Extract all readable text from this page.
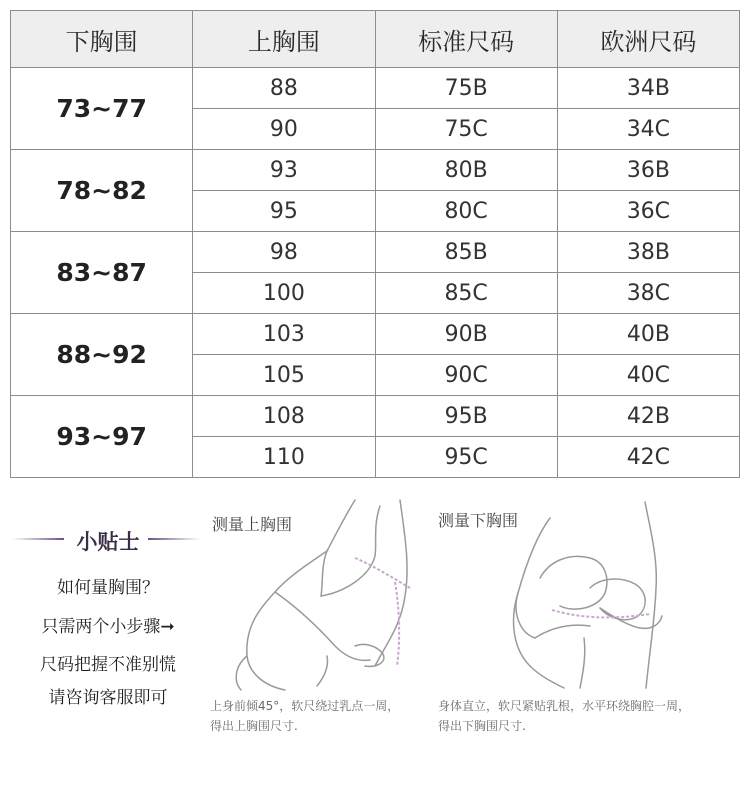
下胸围	上胸围	标准尺码	欧洲尺码
73~77	88	75B	34B
	90	75C	34C
78~82	93	80B	36B
	95	80C	36C
83~87	98	85B	38B
	100	85C	38C
88~92	103	90B	40B
	105	90C	40C
93~97	108	95B	42B
	110	95C	42C
小贴士
如何量胸围？
只需两个小步骤➞
尺码把握不准别慌
请咨询客服即可
测量上胸围
上身前倾45°，软尺绕过乳点一周，
得出上胸围尺寸.
测量下胸围
身体直立，软尺紧贴乳根，水平环绕胸腔一周，
得出下胸围尺寸.
